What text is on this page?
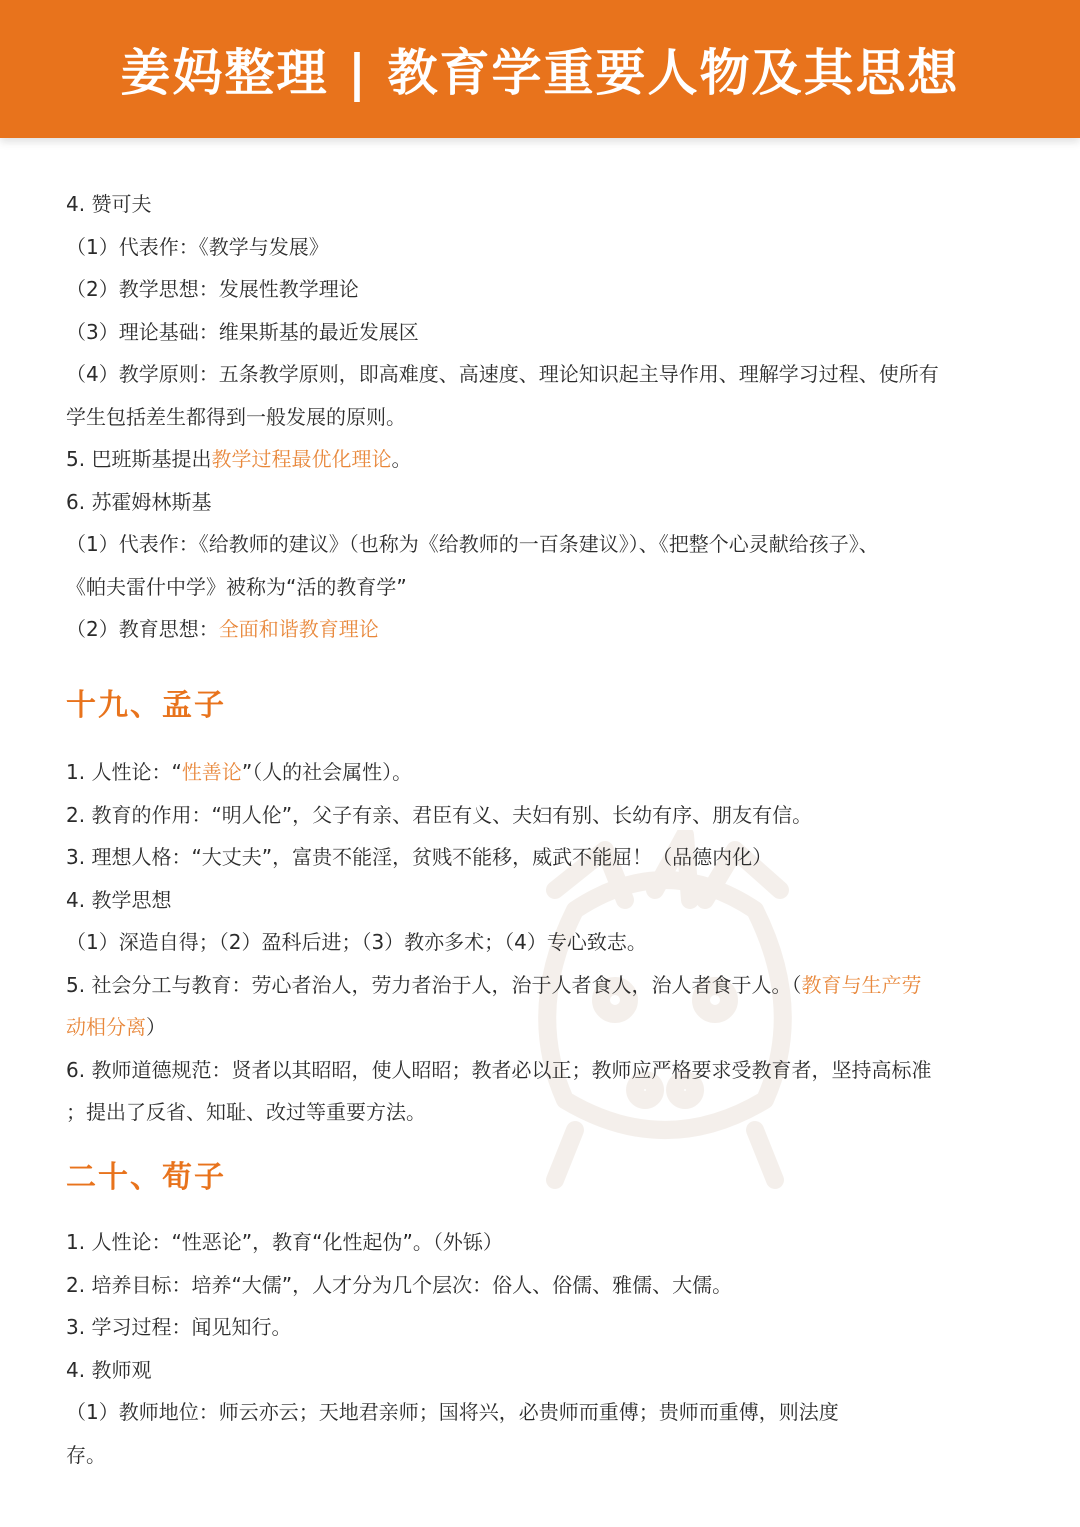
姜妈整理 | 教育学重要人物及其思想

4. 赞可夫

（1）代表作：《教学与发展》

（2）教学思想：发展性教学理论

（3）理论基础：维果斯基的最近发展区

（4）教学原则：五条教学原则，即高难度、高速度、理论知识起主导作用、理解学习过程、使所有

学生包括差生都得到一般发展的原则。

5. 巴班斯基提出教学过程最优化理论。

6. 苏霍姆林斯基

（1）代表作：《给教师的建议》（也称为《给教师的一百条建议》）、《把整个心灵献给孩子》、

《帕夫雷什中学》被称为“活的教育学”

（2）教育思想：全面和谐教育理论

十九、孟子

1. 人性论：“性善论”（人的社会属性）。

2. 教育的作用：“明人伦”，父子有亲、君臣有义、夫妇有别、长幼有序、朋友有信。

3. 理想人格：“大丈夫”，富贵不能淫，贫贱不能移，威武不能屈！（品德内化）

4. 教学思想

（1）深造自得；（2）盈科后进；（3）教亦多术；（4）专心致志。

5. 社会分工与教育：劳心者治人，劳力者治于人，治于人者食人，治人者食于人。（教育与生产劳

动相分离）

6. 教师道德规范：贤者以其昭昭，使人昭昭；教者必以正；教师应严格要求受教育者，坚持高标准

；提出了反省、知耻、改过等重要方法。

二十、荀子

1. 人性论：“性恶论”，教育“化性起伪”。（外铄）

2. 培养目标：培养“大儒”，人才分为几个层次：俗人、俗儒、雅儒、大儒。

3. 学习过程：闻见知行。

4. 教师观

（1）教师地位：师云亦云；天地君亲师；国将兴，必贵师而重傅；贵师而重傅，则法度

存。
